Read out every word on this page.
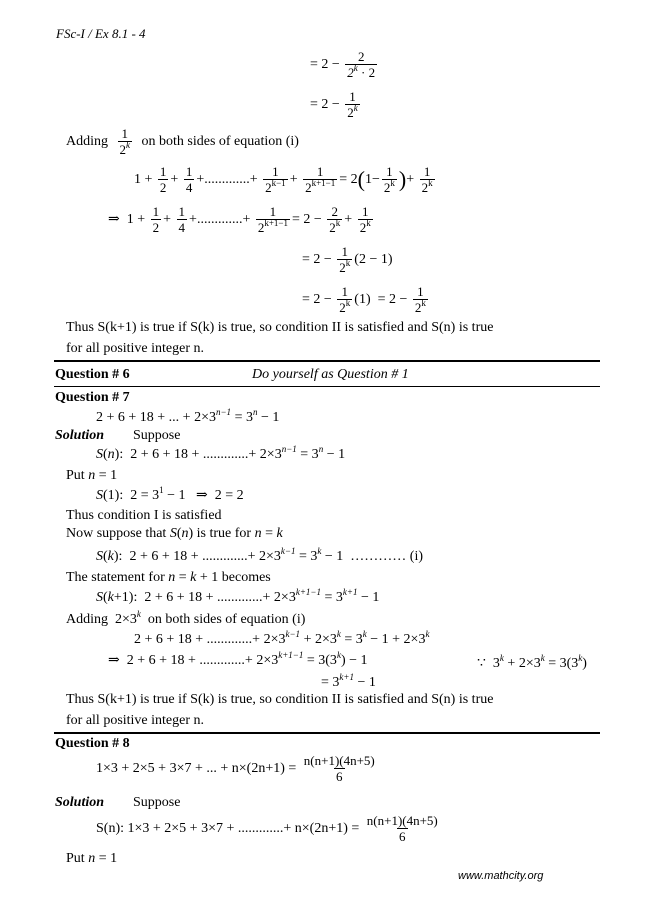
FSc-I / Ex 8.1 - 4
www.mathcity.org
= $2 - \frac{2}{2^k \cdot 2}$
= $2 - \frac{1}{2^k}$
Adding $\frac{1}{2^k}$ on both sides of equation (i)
$1 + \frac{1}{2} + \frac{1}{4}$ +.............+ $\frac{1}{2^{k-1}} + \frac{1}{2^{k+1-1}} = 2(1- \frac{1}{2^k}$ )+ $\frac{1}{2^k}$
⇒  $1 + \frac{1}{2} + \frac{1}{4}$ +.............+ $\frac{1}{2^{k+1-1}} = 2 - \frac{2}{2^k} + \frac{1}{2^k}$
= $2 - \frac{1}{2^k} (2 - 1)$
= $2 - \frac{1}{2^k} (1) = 2 - \frac{1}{2^k}$
Thus S(k+1) is true if S(k) is true, so condition II is satisfied and S(n) is true
for all positive integer n.
Question # 6	Do yourself as Question # 1
Question # 7
2 + 6 + 18 + ... + $2\times 3^{n-1} = 3^n - 1$
Solution Suppose
S(n):  2 + 6 + 18 + .............+ $2\times 3^{n-1} = 3^n - 1$
Put n = 1
S(1):  $2 = 3^1 - 1$   ⇒  2 = 2
Thus condition I is satisfied
Now suppose that S(n) is true for n = k
S(k):  2 + 6 + 18 + .............+ $2\times 3^{k-1} = 3^k - 1$  ………… (i)
The statement for n = k + 1 becomes
S(k+1):  2 + 6 + 18 + .............+ $2\times 3^{k+1-1} = 3^{k+1} - 1$
Adding  $2\times 3^k$  on both sides of equation (i)
2 + 6 + 18 + .............+ $2\times 3^{k-1} + 2\times 3^k = 3^k - 1 + 2\times 3^k$
⇒  2 + 6 + 18 + .............+ $2\times 3^{k+1-1} = 3(3^k) - 1$	∵  $3^k + 2\times 3^k = 3(3^k)$
= $3^{k+1} - 1$
Thus S(k+1) is true if S(k) is true, so condition II is satisfied and S(n) is true
for all positive integer n.
Question # 8
1×3 + 2×5 + 3×7 + ... + $n\times(2n+1) = \frac{n(n+1)(4n+5)}{6}$
Solution Suppose
S(n): 1×3 + 2×5 + 3×7 + .............+ $n\times(2n+1) = \frac{n(n+1)(4n+5)}{6}$
Put n = 1
